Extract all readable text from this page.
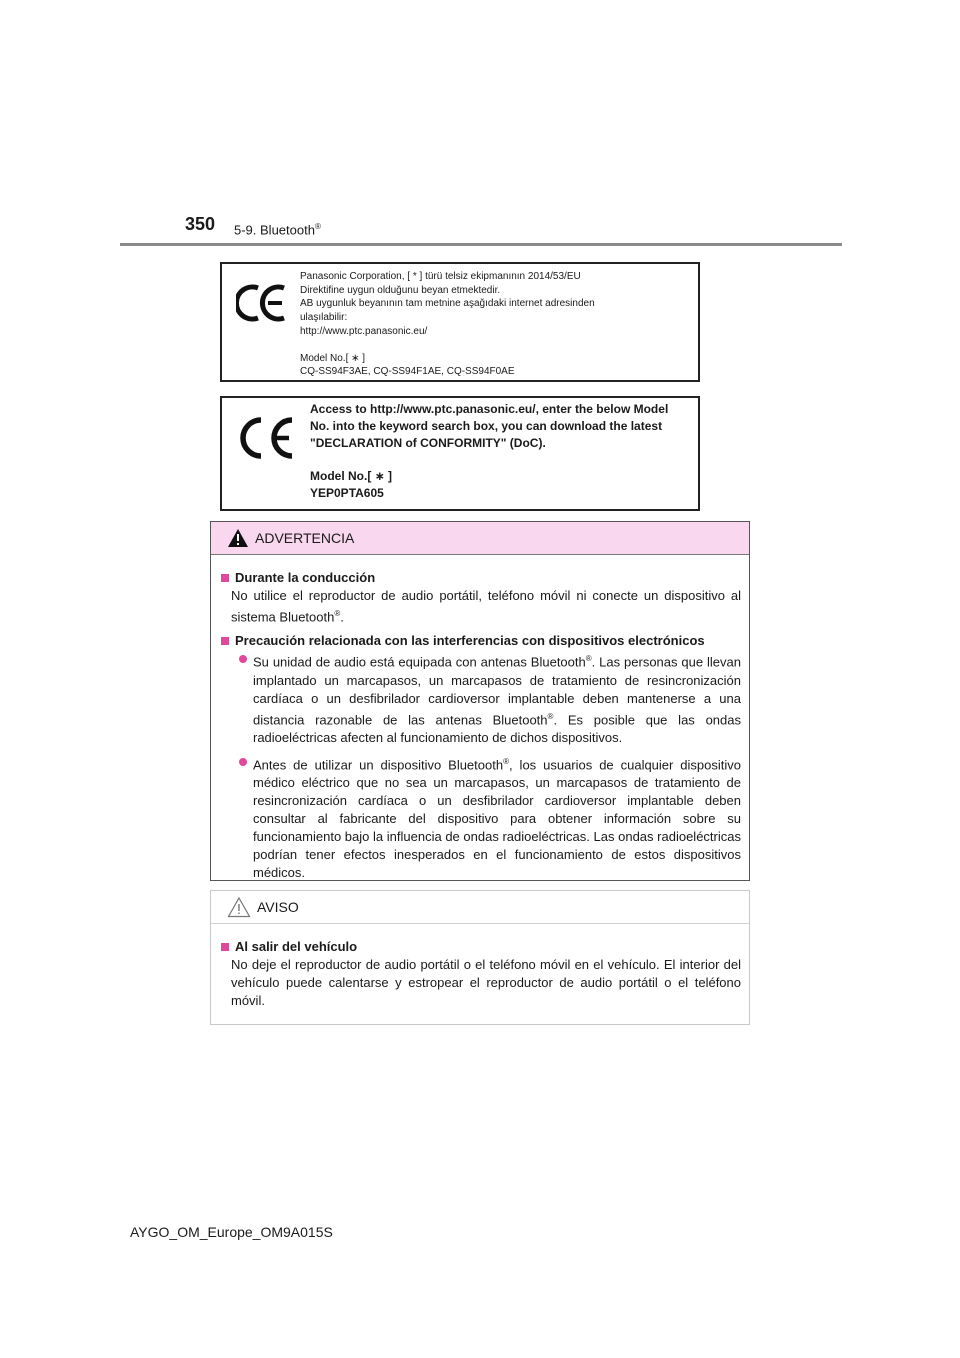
350 5-9. Bluetooth®
Panasonic Corporation, [ * ] türü telsiz ekipmanının 2014/53/EU
Direktifine uygun olduğunu beyan etmektedir.
AB uygunluk beyanının tam metnine aşağıdaki internet adresinden
ulaşılabilir:
http://www.ptc.panasonic.eu/
Model No.[ ∗ ]
CQ-SS94F3AE, CQ-SS94F1AE, CQ-SS94F0AE
Access to http://www.ptc.panasonic.eu/, enter the below Model
No. into the keyword search box, you can download the latest
"DECLARATION of CONFORMITY" (DoC).
Model No.[ ∗ ]
YEP0PTA605
ADVERTENCIA
Durante la conducción
No utilice el reproductor de audio portátil, teléfono móvil ni conecte un dispositivo al sistema Bluetooth®.
Precaución relacionada con las interferencias con dispositivos electrónicos
Su unidad de audio está equipada con antenas Bluetooth®. Las personas que llevan implantado un marcapasos, un marcapasos de tratamiento de resincronización cardíaca o un desfibrilador cardioversor implantable deben mantenerse a una distancia razonable de las antenas Bluetooth®. Es posible que las ondas radioeléctricas afecten al funcionamiento de dichos dispositivos.
Antes de utilizar un dispositivo Bluetooth®, los usuarios de cualquier dispositivo médico eléctrico que no sea un marcapasos, un marcapasos de tratamiento de resincronización cardíaca o un desfibrilador cardioversor implantable deben consultar al fabricante del dispositivo para obtener información sobre su funcionamiento bajo la influencia de ondas radioeléctricas. Las ondas radioeléctricas podrían tener efectos inesperados en el funcionamiento de estos dispositivos médicos.
AVISO
Al salir del vehículo
No deje el reproductor de audio portátil o el teléfono móvil en el vehículo. El interior del vehículo puede calentarse y estropear el reproductor de audio portátil o el teléfono móvil.
AYGO_OM_Europe_OM9A015S
